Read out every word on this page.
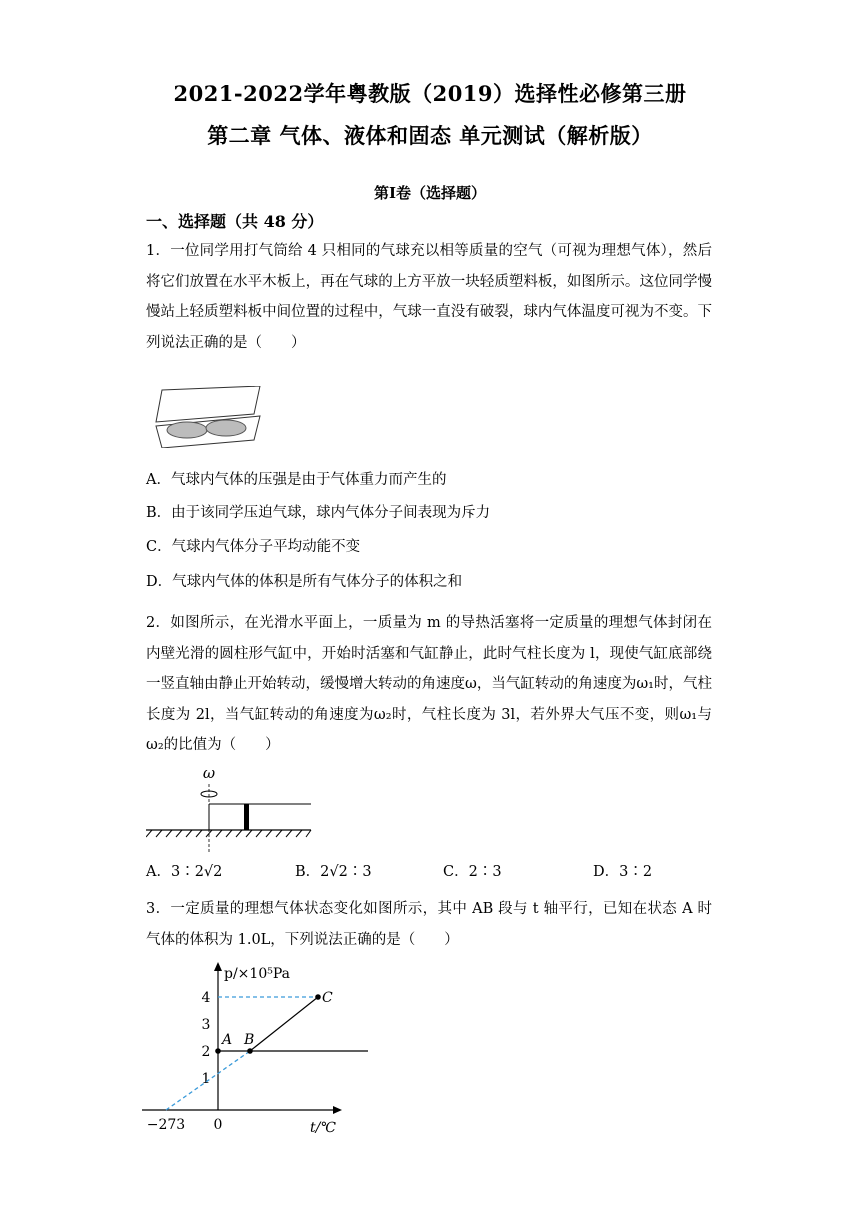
2021-2022学年粤教版（2019）选择性必修第三册
第二章 气体、液体和固态 单元测试（解析版）
第Ⅰ卷（选择题）
一、选择题（共 48 分）
1．一位同学用打气筒给 4 只相同的气球充以相等质量的空气（可视为理想气体），然后将它们放置在水平木板上，再在气球的上方平放一块轻质塑料板，如图所示。这位同学慢慢站上轻质塑料板中间位置的过程中，气球一直没有破裂，球内气体温度可视为不变。下列说法正确的是（　　）
A．气球内气体的压强是由于气体重力而产生的
B．由于该同学压迫气球，球内气体分子间表现为斥力
C．气球内气体分子平均动能不变
D．气球内气体的体积是所有气体分子的体积之和
2．如图所示，在光滑水平面上，一质量为 m 的导热活塞将一定质量的理想气体封闭在内壁光滑的圆柱形气缸中，开始时活塞和气缸静止，此时气柱长度为 l，现使气缸底部绕一竖直轴由静止开始转动，缓慢增大转动的角速度ω，当气缸转动的角速度为ω₁时，气柱长度为 2l，当气缸转动的角速度为ω₂时，气柱长度为 3l，若外界大气压不变，则ω₁与ω₂的比值为（　　）
ω
A．3∶2√2	B．2√2∶3	C．2∶3	D．3∶2
3．一定质量的理想气体状态变化如图所示，其中 AB 段与 t 轴平行，已知在状态 A 时气体的体积为 1.0L，下列说法正确的是（　　）
p/×10⁵Pa
t/℃
1
2
3
4
−273 0
A B
C
